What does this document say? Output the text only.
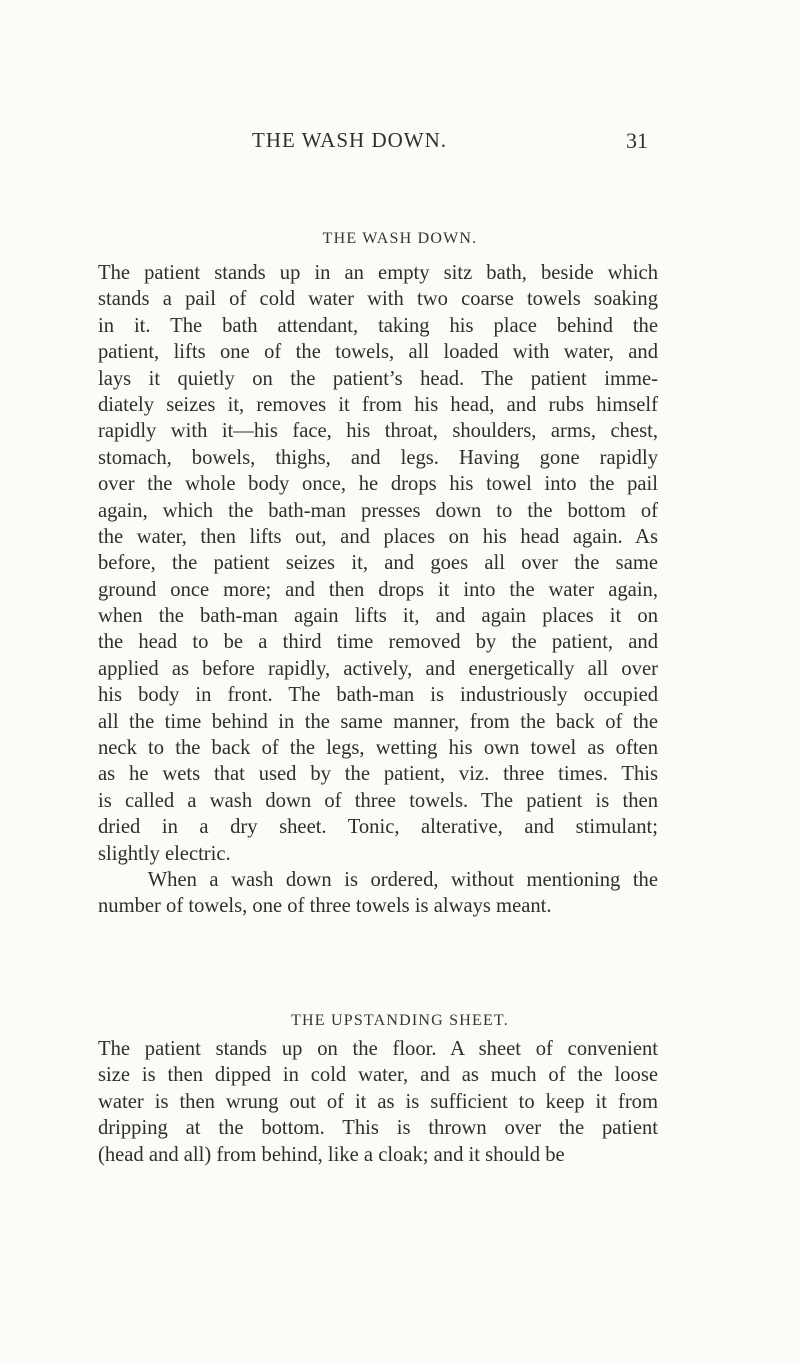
THE WASH DOWN.	31
THE WASH DOWN.
The patient stands up in an empty sitz bath, beside which
stands a pail of cold water with two coarse towels soaking
in it. The bath attendant, taking his place behind the
patient, lifts one of the towels, all loaded with water, and
lays it quietly on the patient’s head. The patient imme-
diately seizes it, removes it from his head, and rubs himself
rapidly with it—his face, his throat, shoulders, arms, chest,
stomach, bowels, thighs, and legs. Having gone rapidly
over the whole body once, he drops his towel into the pail
again, which the bath-man presses down to the bottom of
the water, then lifts out, and places on his head again. As
before, the patient seizes it, and goes all over the same
ground once more; and then drops it into the water again,
when the bath-man again lifts it, and again places it on
the head to be a third time removed by the patient, and
applied as before rapidly, actively, and energetically all over
his body in front. The bath-man is industriously occupied
all the time behind in the same manner, from the back of the
neck to the back of the legs, wetting his own towel as often
as he wets that used by the patient, viz. three times. This
is called a wash down of three towels. The patient is then
dried in a dry sheet. Tonic, alterative, and stimulant;
slightly electric.
When a wash down is ordered, without mentioning the
number of towels, one of three towels is always meant.
THE UPSTANDING SHEET.
The patient stands up on the floor. A sheet of convenient
size is then dipped in cold water, and as much of the loose
water is then wrung out of it as is sufficient to keep it from
dripping at the bottom. This is thrown over the patient
(head and all) from behind, like a cloak; and it should be
